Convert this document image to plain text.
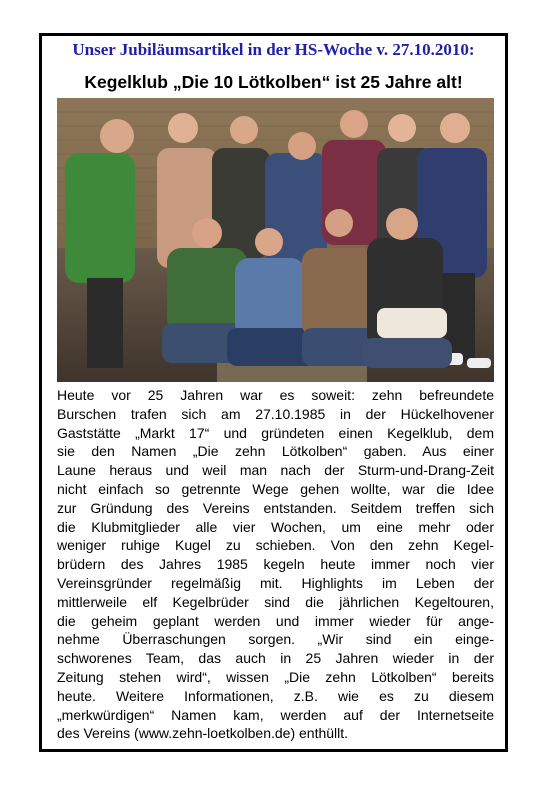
Unser Jubiläumsartikel in der HS-Woche v. 27.10.2010:
Kegelklub „Die 10 Lötkolben“ ist 25 Jahre alt!
Heute vor 25 Jahren war es soweit: zehn befreundete
Burschen trafen sich am 27.10.1985 in der Hückelhovener
Gaststätte „Markt 17“ und gründeten einen Kegelklub, dem
sie den Namen „Die zehn Lötkolben“ gaben. Aus einer
Laune heraus und weil man nach der Sturm-und-Drang-Zeit
nicht einfach so getrennte Wege gehen wollte, war die Idee
zur Gründung des Vereins entstanden. Seitdem treffen sich
die Klubmitglieder alle vier Wochen, um eine mehr oder
weniger ruhige Kugel zu schieben. Von den zehn Kegel-
brüdern des Jahres 1985 kegeln heute immer noch vier
Vereinsgründer regelmäßig mit. Highlights im Leben der
mittlerweile elf Kegelbrüder sind die jährlichen Kegeltouren,
die geheim geplant werden und immer wieder für ange-
nehme Überraschungen sorgen. „Wir sind ein einge-
schworenes Team, das auch in 25 Jahren wieder in der
Zeitung stehen wird“, wissen „Die zehn Lötkolben“ bereits
heute. Weitere Informationen, z.B. wie es zu diesem
„merkwürdigen“ Namen kam, werden auf der Internetseite
des Vereins (www.zehn-loetkolben.de) enthüllt.
